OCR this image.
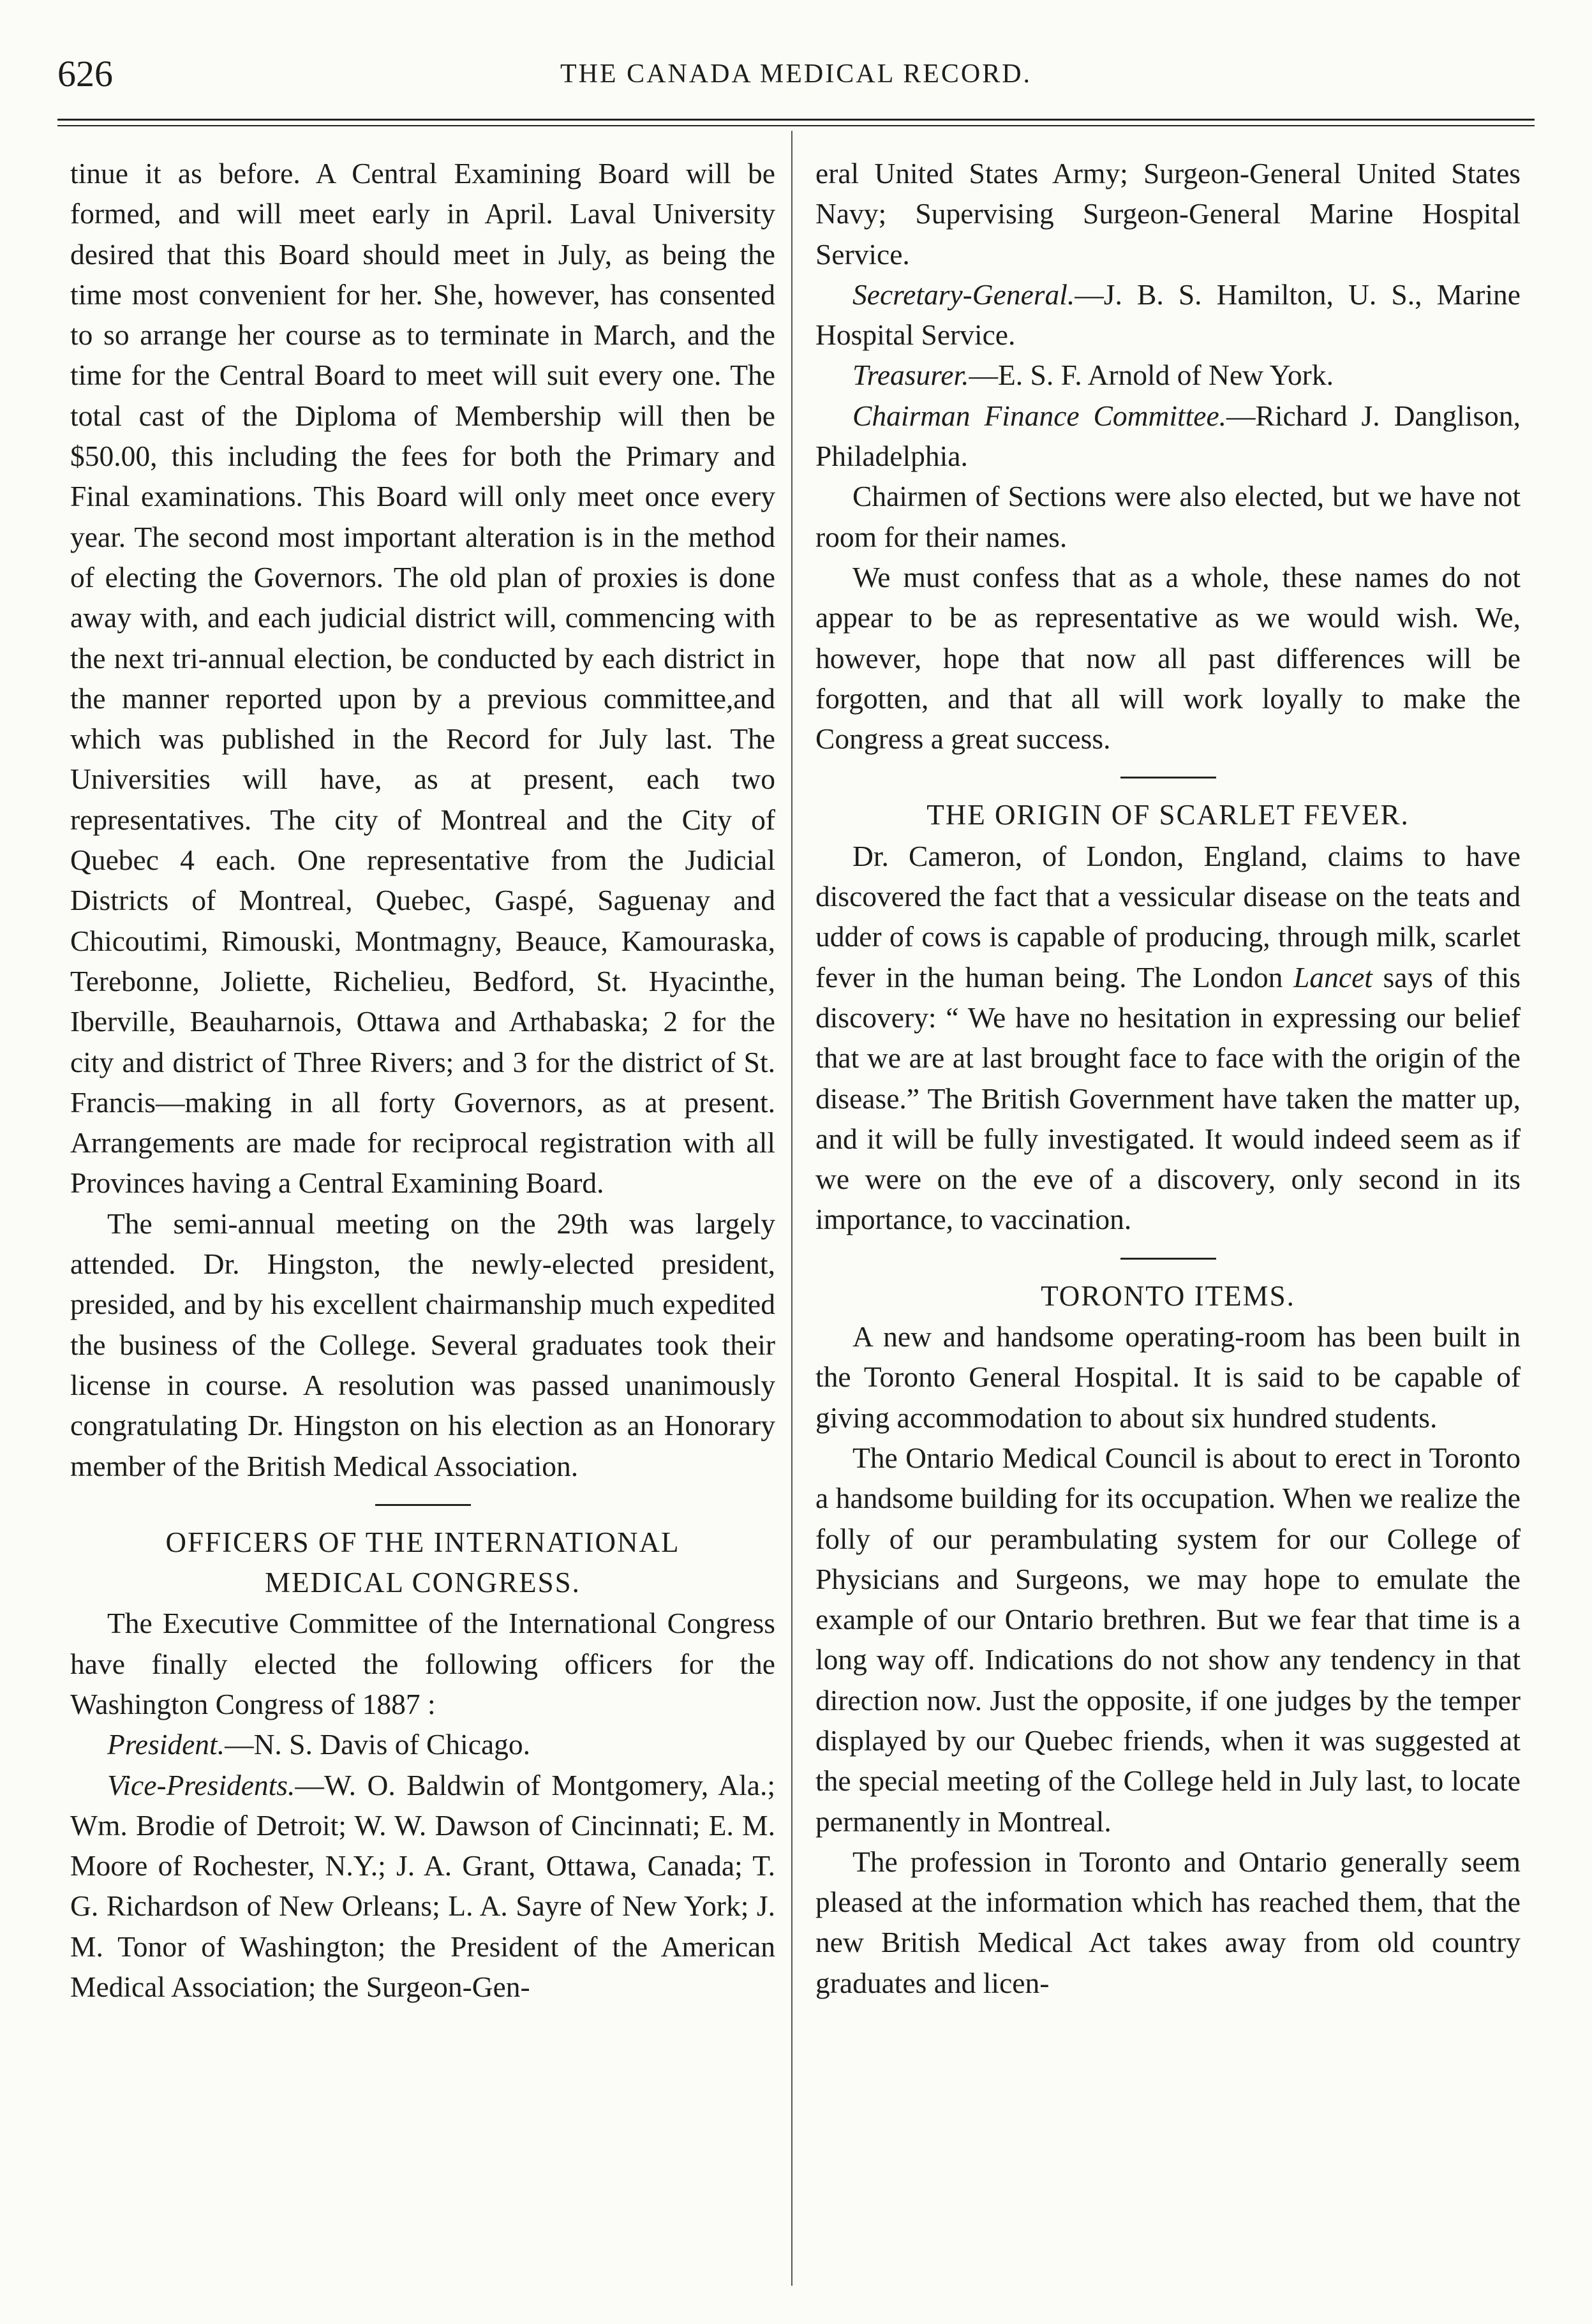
626	THE CANADA MEDICAL RECORD.

tinue it as before. A Central Examining Board will be formed, and will meet early in April. Laval University desired that this Board should meet in July, as being the time most convenient for her. She, however, has consented to so arrange her course as to terminate in March, and the time for the Central Board to meet will suit every one. The total cast of the Diploma of Membership will then be $50.00, this including the fees for both the Primary and Final examinations. This Board will only meet once every year. The second most important alteration is in the method of electing the Governors. The old plan of proxies is done away with, and each judicial district will, commencing with the next tri-annual election, be conducted by each district in the manner reported upon by a previous committee,and which was published in the Record for July last. The Universities will have, as at present, each two representatives. The city of Montreal and the City of Quebec 4 each. One representative from the Judicial Districts of Montreal, Quebec, Gaspé, Saguenay and Chicoutimi, Rimouski, Montmagny, Beauce, Kamouraska, Terebonne, Joliette, Richelieu, Bedford, St. Hyacinthe, Iberville, Beauharnois, Ottawa and Arthabaska; 2 for the city and district of Three Rivers; and 3 for the district of St. Francis—making in all forty Governors, as at present. Arrangements are made for reciprocal registration with all Provinces having a Central Examining Board.

The semi-annual meeting on the 29th was largely attended. Dr. Hingston, the newly-elected president, presided, and by his excellent chairmanship much expedited the business of the College. Several graduates took their license in course. A resolution was passed unanimously congratulating Dr. Hingston on his election as an Honorary member of the British Medical Association.

OFFICERS OF THE INTERNATIONAL
MEDICAL CONGRESS.

The Executive Committee of the International Congress have finally elected the following officers for the Washington Congress of 1887 :

President.—N. S. Davis of Chicago.

Vice-Presidents.—W. O. Baldwin of Montgomery, Ala.; Wm. Brodie of Detroit; W. W. Dawson of Cincinnati; E. M. Moore of Rochester, N.Y.; J. A. Grant, Ottawa, Canada; T. G. Richardson of New Orleans; L. A. Sayre of New York; J. M. Tonor of Washington; the President of the American Medical Association; the Surgeon-Gen-

eral United States Army; Surgeon-General United States Navy; Supervising Surgeon-General Marine Hospital Service.

Secretary-General.—J. B. S. Hamilton, U. S., Marine Hospital Service.

Treasurer.—E. S. F. Arnold of New York.

Chairman Finance Committee.—Richard J. Danglison, Philadelphia.

Chairmen of Sections were also elected, but we have not room for their names.

We must confess that as a whole, these names do not appear to be as representative as we would wish. We, however, hope that now all past differences will be forgotten, and that all will work loyally to make the Congress a great success.

THE ORIGIN OF SCARLET FEVER.

Dr. Cameron, of London, England, claims to have discovered the fact that a vessicular disease on the teats and udder of cows is capable of producing, through milk, scarlet fever in the human being. The London Lancet says of this discovery: “ We have no hesitation in expressing our belief that we are at last brought face to face with the origin of the disease.” The British Government have taken the matter up, and it will be fully investigated. It would indeed seem as if we were on the eve of a discovery, only second in its importance, to vaccination.

TORONTO ITEMS.

A new and handsome operating-room has been built in the Toronto General Hospital. It is said to be capable of giving accommodation to about six hundred students.

The Ontario Medical Council is about to erect in Toronto a handsome building for its occupation. When we realize the folly of our perambulating system for our College of Physicians and Surgeons, we may hope to emulate the example of our Ontario brethren. But we fear that time is a long way off. Indications do not show any tendency in that direction now. Just the opposite, if one judges by the temper displayed by our Quebec friends, when it was suggested at the special meeting of the College held in July last, to locate permanently in Montreal.

The profession in Toronto and Ontario generally seem pleased at the information which has reached them, that the new British Medical Act takes away from old country graduates and licen-
